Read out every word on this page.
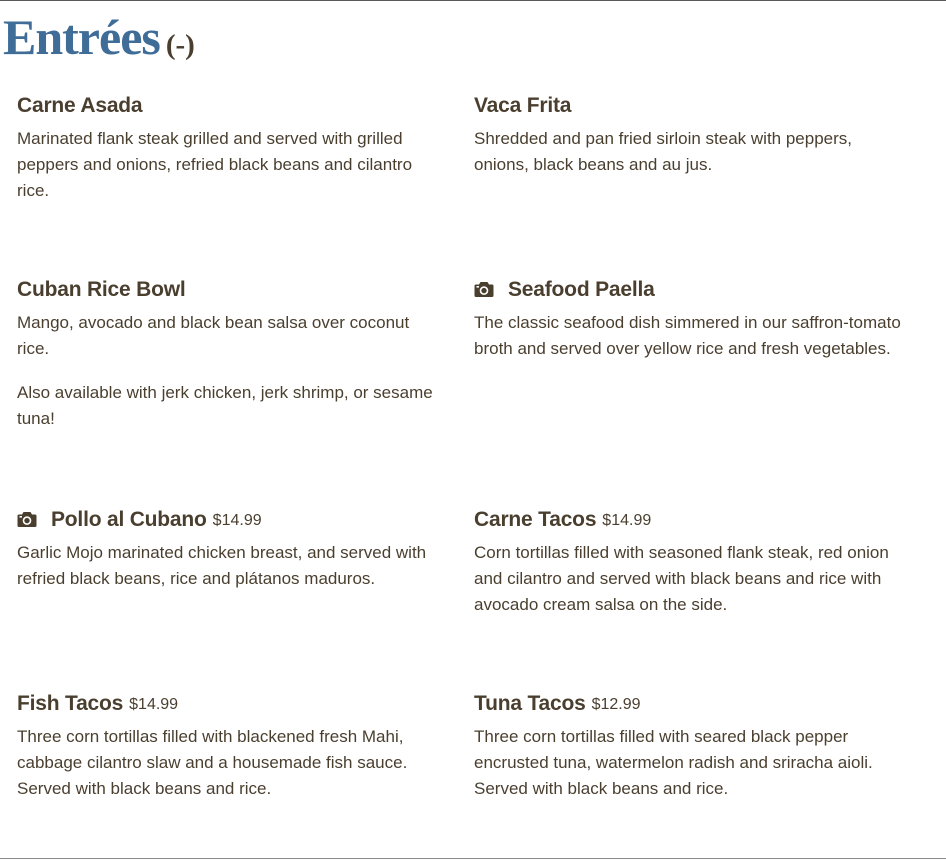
Entrées (-)
Carne Asada

Marinated flank steak grilled and served with grilled peppers and onions, refried black beans and cilantro rice.

Vaca Frita

Shredded and pan fried sirloin steak with peppers, onions, black beans and au jus.

Cuban Rice Bowl

Mango, avocado and black bean salsa over coconut rice.

Also available with jerk chicken, jerk shrimp, or sesame tuna!

Seafood Paella

The classic seafood dish simmered in our saffron-tomato broth and served over yellow rice and fresh vegetables.

Pollo al Cubano $14.99

Garlic Mojo marinated chicken breast, and served with refried black beans, rice and plátanos maduros.

Carne Tacos $14.99

Corn tortillas filled with seasoned flank steak, red onion and cilantro and served with black beans and rice with avocado cream salsa on the side.

Fish Tacos $14.99

Three corn tortillas filled with blackened fresh Mahi, cabbage cilantro slaw and a housemade fish sauce. Served with black beans and rice.

Tuna Tacos $12.99

Three corn tortillas filled with seared black pepper encrusted tuna, watermelon radish and sriracha aioli. Served with black beans and rice.
